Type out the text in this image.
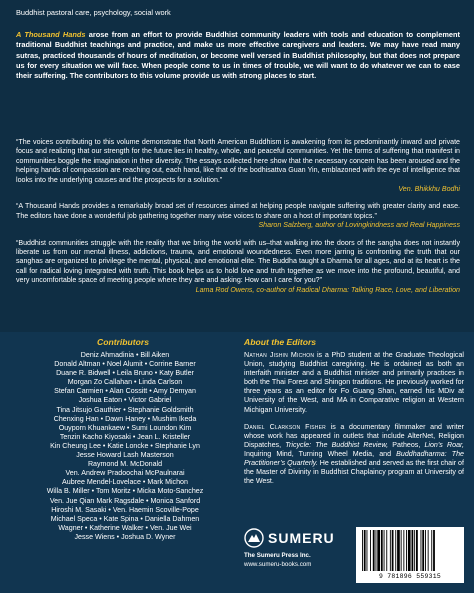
Buddhist pastoral care, psychology, social work
A Thousand Hands arose from an effort to provide Buddhist community leaders with tools and education to complement traditional Buddhist teachings and practice, and make us more effective caregivers and leaders. We may have read many sutras, practiced thousands of hours of meditation, or become well versed in Buddhist philosophy, but that does not prepare us for every situation we will face. When people come to us in times of trouble, we will want to do whatever we can to ease their suffering. The contributors to this volume provide us with strong places to start.
“The voices contributing to this volume demonstrate that North American Buddhism is awakening from its predominantly inward and private focus and realizing that our strength for the future lies in healthy, whole, and peaceful communities. Yet the forms of suffering that manifest in communities boggle the imagination in their diversity. The essays collected here show that the necessary concern has been aroused and the helping hands of compassion are reaching out, each hand, like that of the bodhisattva Guan Yin, emblazoned with the eye of intelligence that looks into the underlying causes and the prospects for a solution.”
Ven. Bhikkhu Bodhi
“A Thousand Hands provides a remarkably broad set of resources aimed at helping people navigate suffering with greater clarity and ease. The editors have done a wonderful job gathering together many wise voices to share on a host of important topics.”
Sharon Salzberg, author of Lovingkindness and Real Happiness
“Buddhist communities struggle with the reality that we bring the world with us–that walking into the doors of the sangha does not instantly liberate us from our mental illness, addictions, trauma, and emotional woundedness. Even more jarring is confronting the truth that our sanghas are organized to privilege the mental, physical, and emotional elite. The Buddha taught a Dharma for all ages, and at its heart is the call for radical loving integrated with truth. This book helps us to hold love and truth together as we move into the profound, beautiful, and very uncomfortable space of meeting people where they are and asking: How can I care for you?”
Lama Rod Owens, co-author of Radical Dharma: Talking Race, Love, and Liberation
Contributors
Deniz Ahmadinia • Bill Aiken
Donald Altman • Noel Alumit • Corrine Barner
Duane R. Bidwell • Leila Bruno • Katy Butler
Morgan Zo Callahan • Linda Carlson
Stefan Carmien • Alan Cossitt • Amy Demyan
Joshua Eaton • Victor Gabriel
Tina Jitsujo Gauthier • Stephanie Goldsmith
Chenxing Han • Dawn Haney • Mushim Ikeda
Ouyporn Khuankaew • Sumi Loundon Kim
Tenzin Kacho Kiyosaki • Jean L. Kristeller
Kin Cheung Lee • Katie Loncke • Stephanie Lyn
Jesse Howard Lash Masterson
Raymond M. McDonald
Ven. Andrew Pradoochai McPaulnarai
Aubree Mendel-Lovelace • Mark Michon
Willa B. Miller • Tom Moritz • Micka Moto-Sanchez
Ven. Jue Qian Mark Ragsdale • Monica Sanford
Hiroshi M. Sasaki • Ven. Haemin Scoville-Pope
Michael Speca • Kate Spina • Daniella Dahmen
Wagner • Katherine Walker • Ven. Jue Wei
Jesse Wiens • Joshua D. Wyner
About the Editors

Nathan Jishin Michon is a PhD student at the Graduate Theological Union, studying Buddhist caregiving. He is ordained as both an interfaith minister and a Buddhist minister and primarily practices in both the Thai Forest and Shingon traditions. He previously worked for three years as an editor for Fo Guang Shan, earned his MDiv at University of the West, and MA in Comparative religion at Western Michigan University.

Daniel Clarkson Fisher is a documentary filmmaker and writer whose work has appeared in outlets that include AlterNet, Religion Dispatches, Tricycle: The Buddhist Review, Patheos, Lion’s Roar, Inquiring Mind, Turning Wheel Media, and Buddhadharma: The Practitioner’s Quarterly. He established and served as the first chair of the Master of Divinity in Buddhist Chaplaincy program at University of the West.

SUMERU
The Sumeru Press Inc.
www.sumeru-books.com
9 781896 559315
